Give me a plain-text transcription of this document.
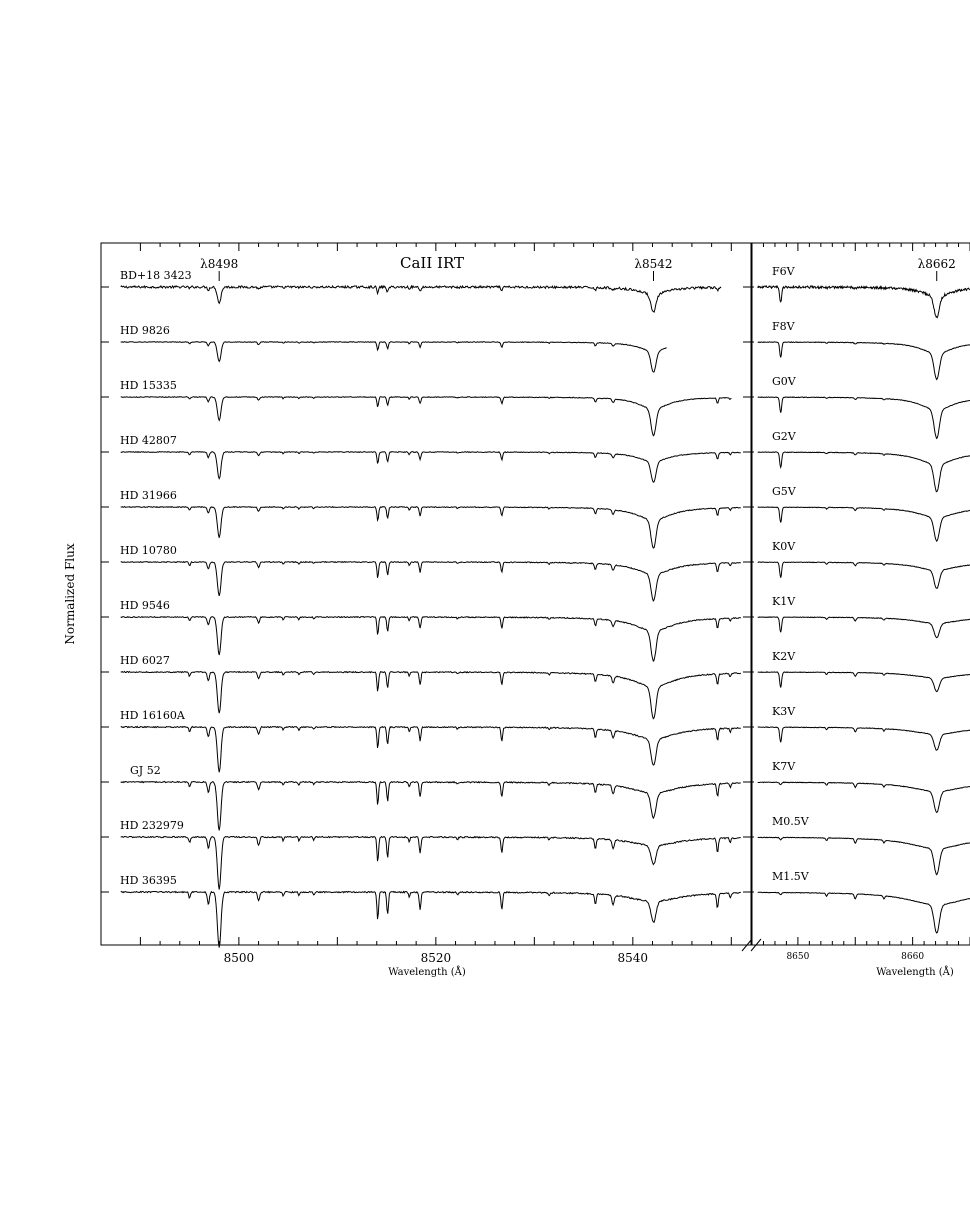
CaII IRT
Normalized Flux
Wavelength (Å)	Wavelength (Å)
8500	8520	8540	8650	8660
λ8498	λ8542	λ8662
BD+18 3423
HD 9826
HD 15335
HD 42807
HD 31966
HD 10780
HD 9546
HD 6027
HD 16160A
GJ 52
HD 232979
HD 36395
F6V
F8V
G0V
G2V
G5V
K0V
K1V
K2V
K3V
K7V
M0.5V
M1.5V
